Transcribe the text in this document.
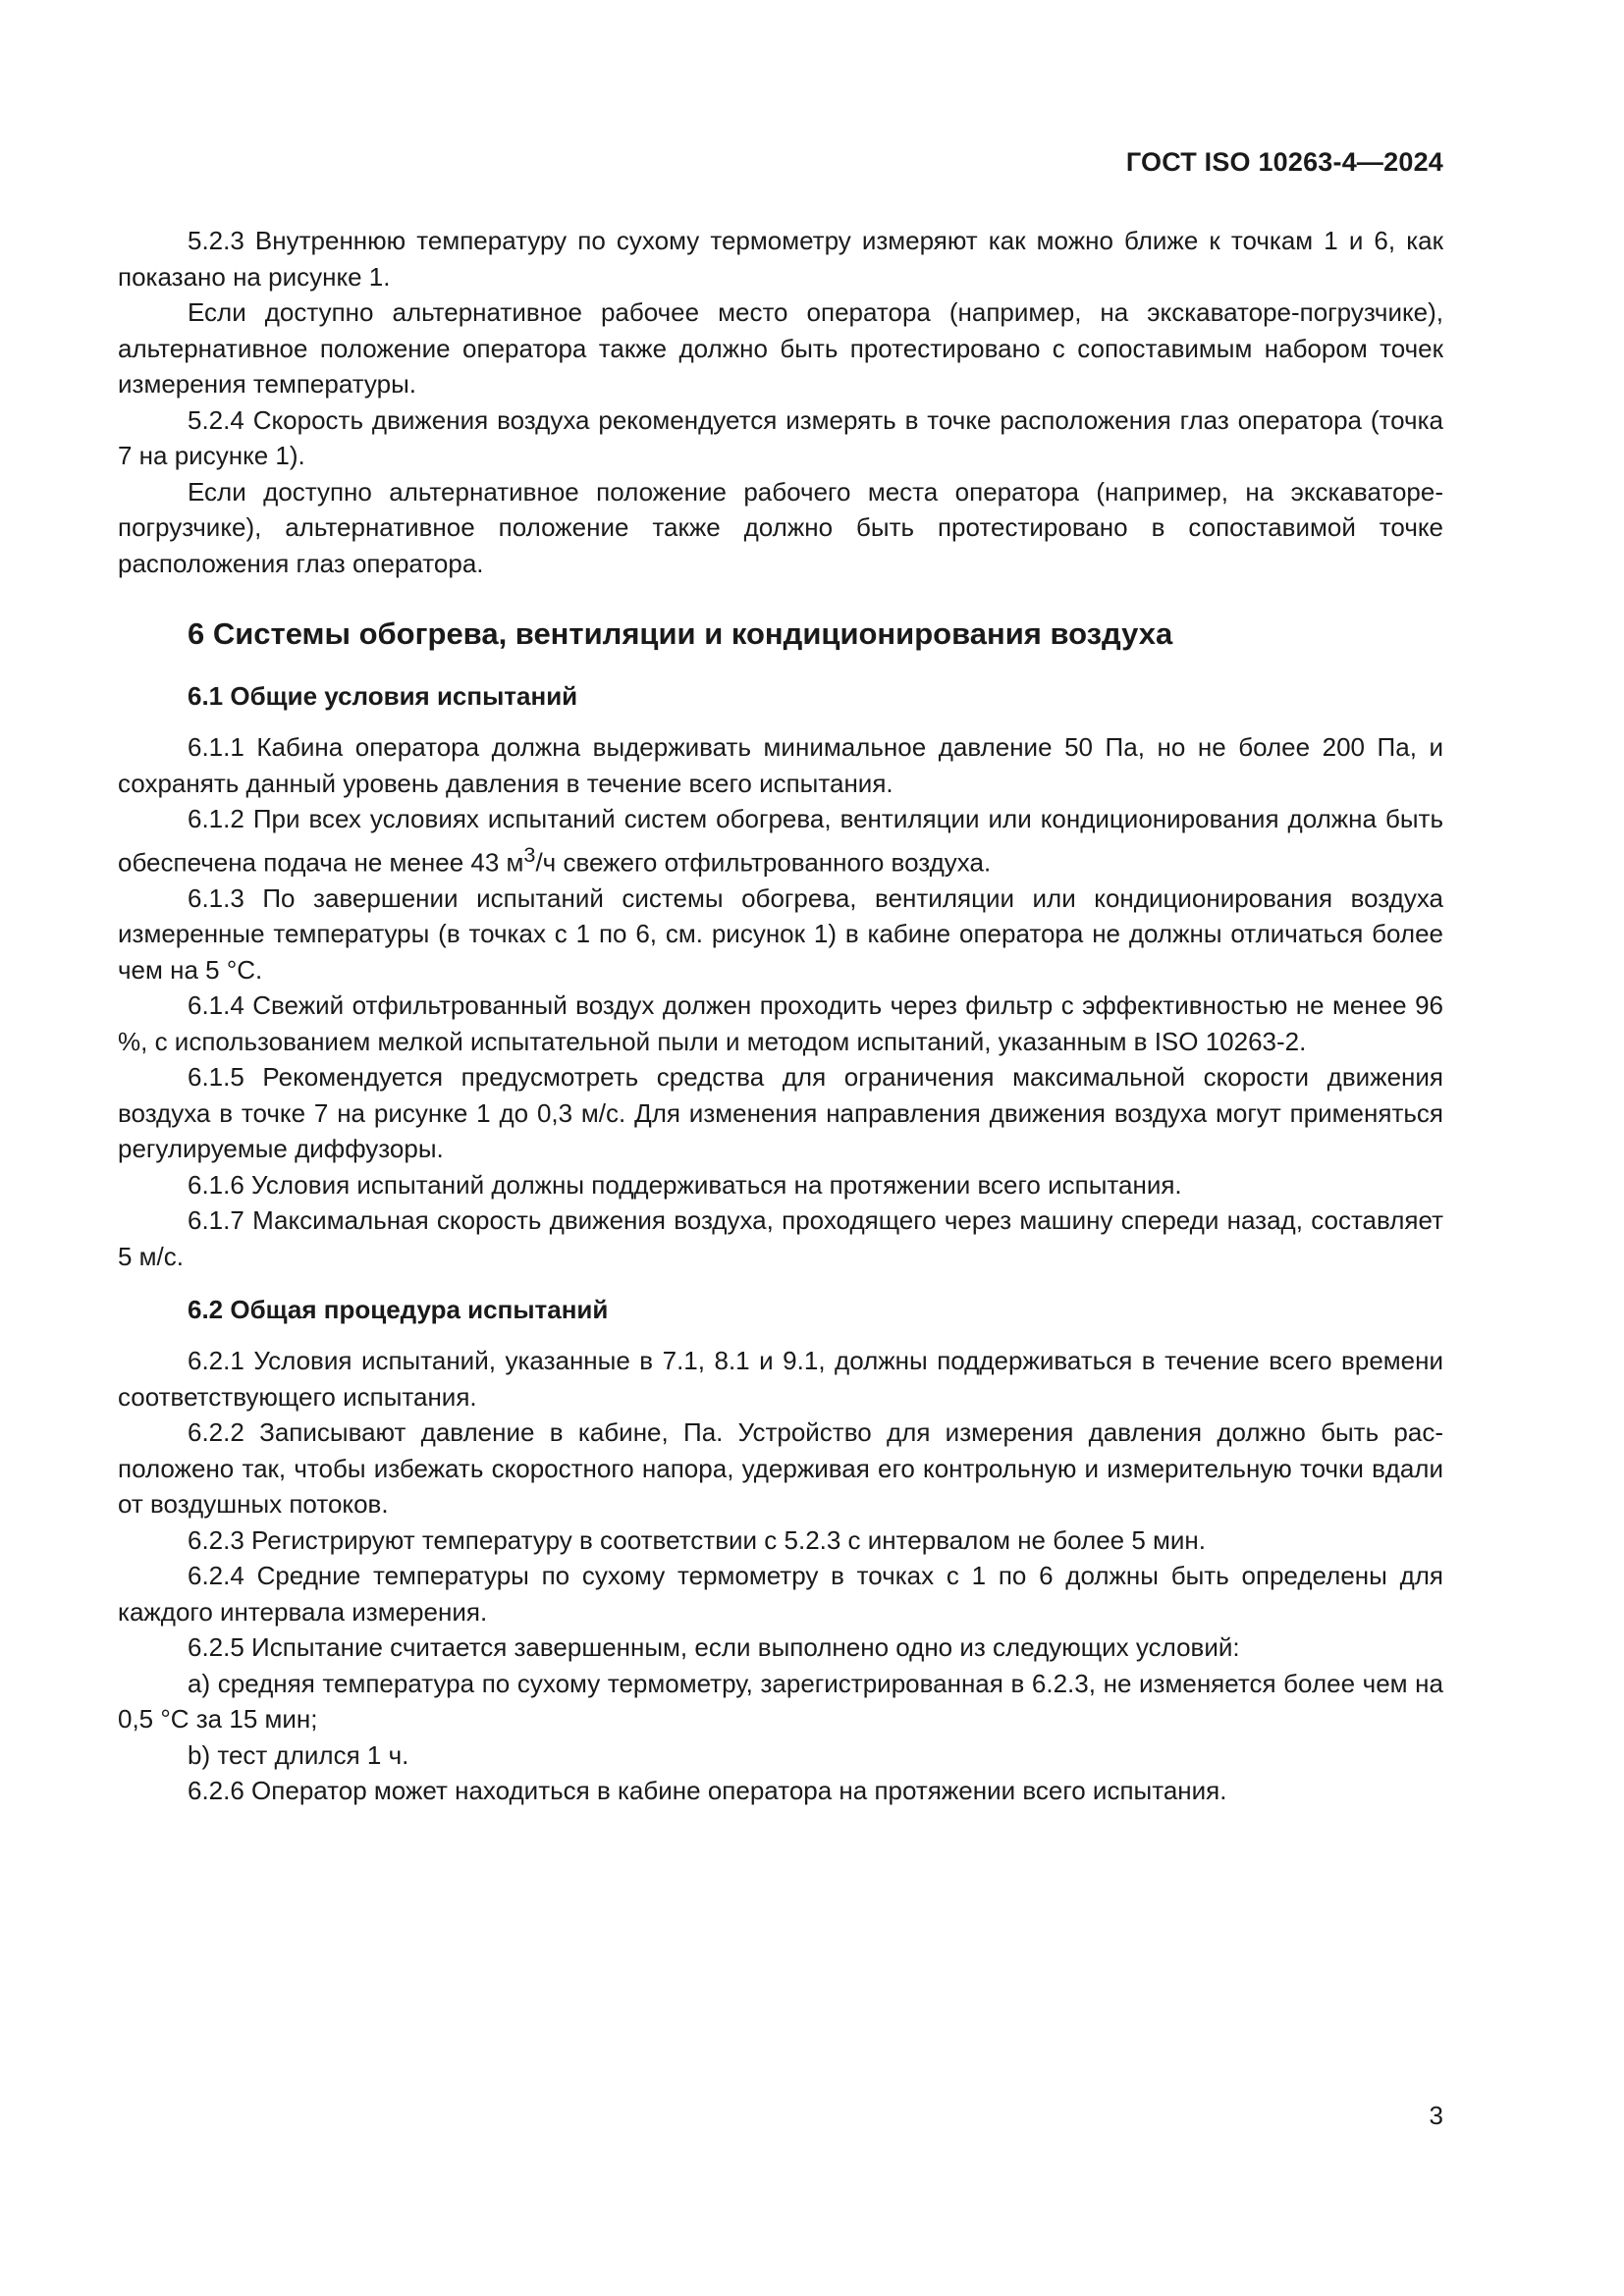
ГОСТ ISO 10263-4—2024

5.2.3 Внутреннюю температуру по сухому термометру измеряют как можно ближе к точкам 1 и 6, как показано на рисунке 1.

Если доступно альтернативное рабочее место оператора (например, на экскаваторе-погрузчике), альтернативное положение оператора также должно быть протестировано с сопоставимым набором точек измерения температуры.

5.2.4 Скорость движения воздуха рекомендуется измерять в точке расположения глаз оператора (точка 7 на рисунке 1).

Если доступно альтернативное положение рабочего места оператора (например, на экскаваторе-погрузчике), альтернативное положение также должно быть протестировано в сопоставимой точке расположения глаз оператора.

6 Системы обогрева, вентиляции и кондиционирования воздуха
6.1 Общие условия испытаний

6.1.1 Кабина оператора должна выдерживать минимальное давление 50 Па, но не более 200 Па, и сохранять данный уровень давления в течение всего испытания.

6.1.2 При всех условиях испытаний систем обогрева, вентиляции или кондиционирования должна быть обеспечена подача не менее 43 $м^3/ч$ свежего отфильтрованного воздуха.

6.1.3 По завершении испытаний системы обогрева, вентиляции или кондиционирования воздуха измеренные температуры (в точках с 1 по 6, см. рисунок 1) в кабине оператора не должны отличаться более чем на 5 °С.

6.1.4 Свежий отфильтрованный воздух должен проходить через фильтр с эффективностью не менее 96 %, с использованием мелкой испытательной пыли и методом испытаний, указанным в ISO 10263-2.

6.1.5 Рекомендуется предусмотреть средства для ограничения максимальной скорости движения воздуха в точке 7 на рисунке 1 до 0,3 м/с. Для изменения направления движения воздуха могут применяться регулируемые диффузоры.

6.1.6 Условия испытаний должны поддерживаться на протяжении всего испытания.

6.1.7 Максимальная скорость движения воздуха, проходящего через машину спереди назад, составляет 5 м/с.

6.2 Общая процедура испытаний

6.2.1 Условия испытаний, указанные в 7.1, 8.1 и 9.1, должны поддерживаться в течение всего времени соответствующего испытания.

6.2.2 Записывают давление в кабине, Па. Устройство для измерения давления должно быть расположено так, чтобы избежать скоростного напора, удерживая его контрольную и измерительную точки вдали от воздушных потоков.

6.2.3 Регистрируют температуру в соответствии с 5.2.3 с интервалом не более 5 мин.

6.2.4 Средние температуры по сухому термометру в точках с 1 по 6 должны быть определены для каждого интервала измерения.

6.2.5 Испытание считается завершенным, если выполнено одно из следующих условий:

a) средняя температура по сухому термометру, зарегистрированная в 6.2.3, не изменяется более чем на 0,5 °С за 15 мин;

b) тест длился 1 ч.

6.2.6 Оператор может находиться в кабине оператора на протяжении всего испытания.

3
